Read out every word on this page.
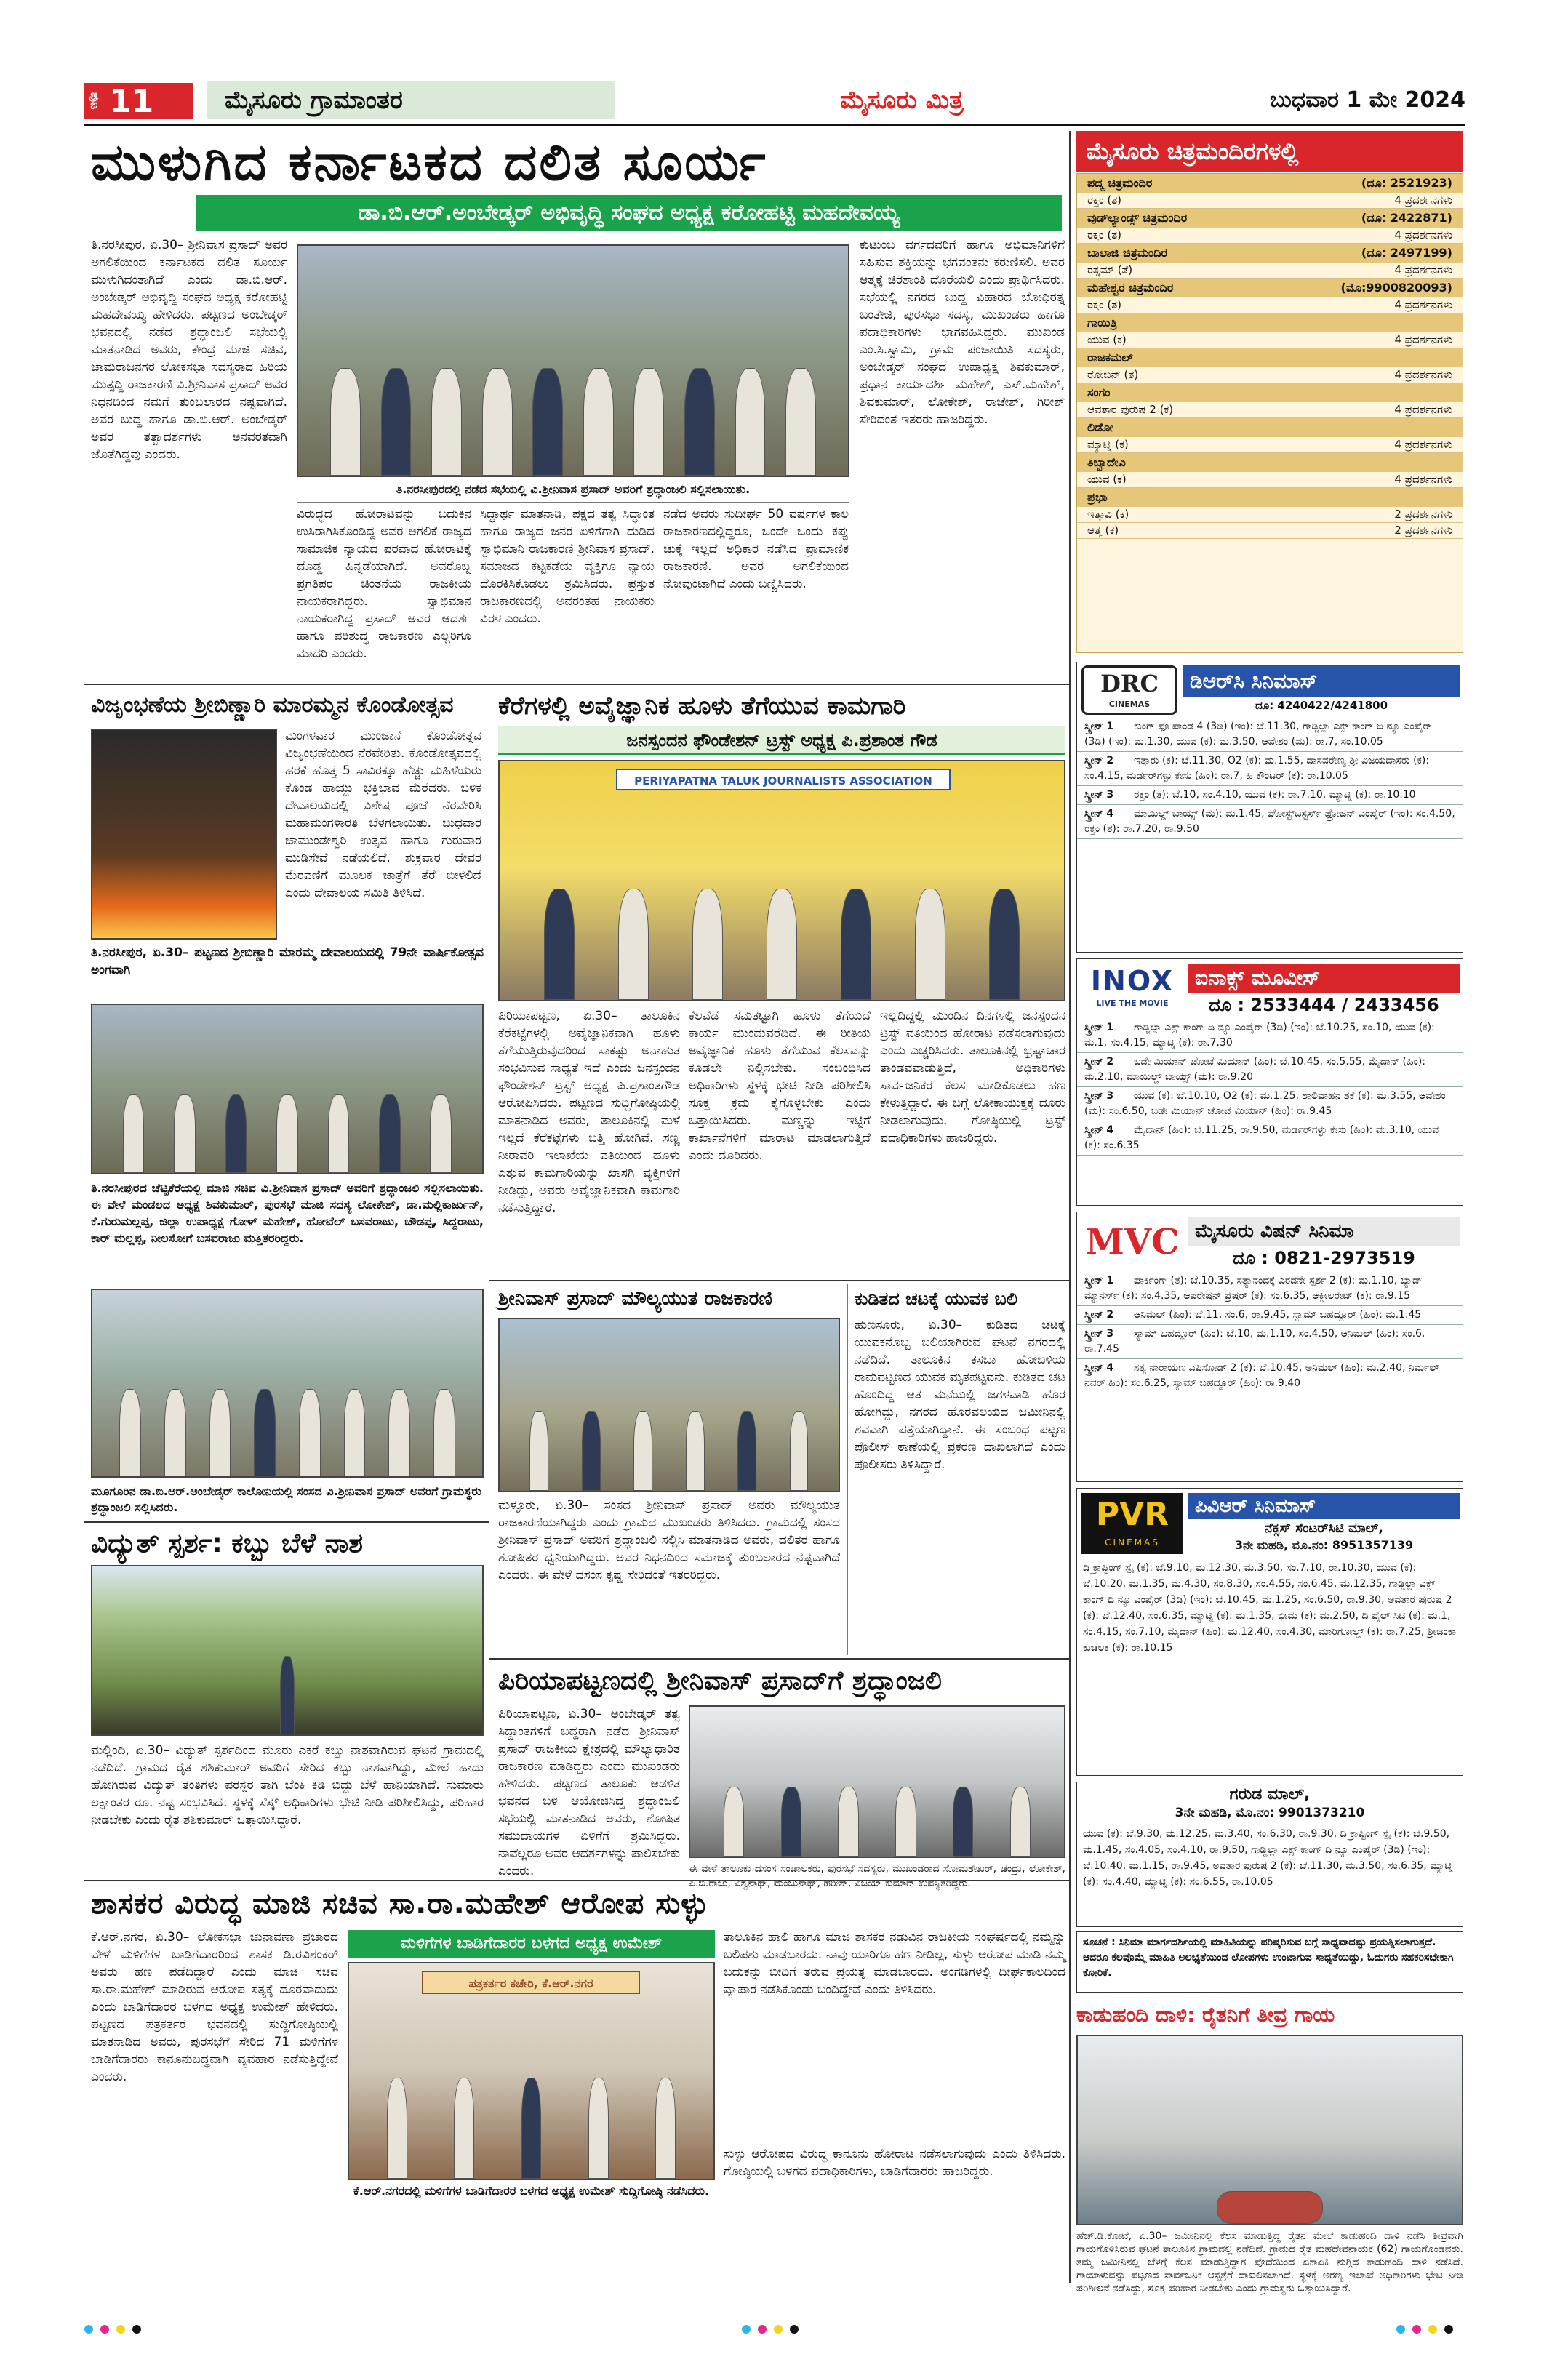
ಪುಟ 11	ಮೈಸೂರು ಗ್ರಾಮಾಂತರ	ಮೈಸೂರು ಮಿತ್ರ	ಬುಧವಾರ 1 ಮೇ 2024
ಮುಳುಗಿದ ಕರ್ನಾಟಕದ ದಲಿತ ಸೂರ್ಯ
ಡಾ.ಬಿ.ಆರ್.ಅಂಬೇಡ್ಕರ್ ಅಭಿವೃದ್ಧಿ ಸಂಘದ ಅಧ್ಯಕ್ಷ ಕರೋಹಟ್ಟಿ ಮಹದೇವಯ್ಯ
ತಿ.ನರಸೀಪುರ, ಏ.30– ಶ್ರೀನಿವಾಸ ಪ್ರಸಾದ್ ಅವರ ಅಗಲಿಕೆಯಿಂದ ಕರ್ನಾಟಕದ ದಲಿತ ಸೂರ್ಯ ಮುಳುಗಿದಂತಾಗಿದೆ ಎಂದು ಡಾ.ಬಿ.ಆರ್. ಅಂಬೇಡ್ಕರ್ ಅಭಿವೃದ್ಧಿ ಸಂಘದ ಅಧ್ಯಕ್ಷ ಕರೋಹಟ್ಟಿ ಮಹದೇವಯ್ಯ ಹೇಳಿದರು. ಪಟ್ಟಣದ ಅಂಬೇಡ್ಕರ್ ಭವನದಲ್ಲಿ ನಡೆದ ಶ್ರದ್ಧಾಂಜಲಿ ಸಭೆಯಲ್ಲಿ ಮಾತನಾಡಿದ ಅವರು, ಕೇಂದ್ರ ಮಾಜಿ ಸಚಿವ, ಚಾಮರಾಜನಗರ ಲೋಕಸಭಾ ಸದಸ್ಯರಾದ ಹಿರಿಯ ಮುತ್ಸದ್ದಿ ರಾಜಕಾರಣಿ ವಿ.ಶ್ರೀನಿವಾಸ ಪ್ರಸಾದ್ ಅವರ ನಿಧನದಿಂದ ನಮಗೆ ತುಂಬಲಾರದ ನಷ್ಟವಾಗಿದೆ. ಅವರ ಬುದ್ಧ ಹಾಗೂ ಡಾ.ಬಿ.ಆರ್. ಅಂಬೇಡ್ಕರ್ ಅವರ ತತ್ವಾದರ್ಶಗಳು ಅನವರತವಾಗಿ ಜೊತೆಗಿದ್ದವು ಎಂದರು.
ತಿ.ನರಸೀಪುರದಲ್ಲಿ ನಡೆದ ಸಭೆಯಲ್ಲಿ ವಿ.ಶ್ರೀನಿವಾಸ ಪ್ರಸಾದ್ ಅವರಿಗೆ ಶ್ರದ್ಧಾಂಜಲಿ ಸಲ್ಲಿಸಲಾಯಿತು.
ವಿರುದ್ಧದ ಹೋರಾಟವನ್ನು ಬದುಕಿನ ಉಸಿರಾಗಿಸಿಕೊಂಡಿದ್ದ ಅವರ ಅಗಲಿಕೆ ರಾಜ್ಯದ ಸಾಮಾಜಿಕ ನ್ಯಾಯದ ಪರವಾದ ಹೋರಾಟಕ್ಕೆ ದೊಡ್ಡ ಹಿನ್ನಡೆಯಾಗಿದೆ. ಅವರೊಬ್ಬ ಪ್ರಗತಿಪರ ಚಿಂತನೆಯ ರಾಜಕೀಯ ನಾಯಕರಾಗಿದ್ದರು. ಸ್ವಾಭಿಮಾನ ನಾಯಕರಾಗಿದ್ದ ಪ್ರಸಾದ್ ಅವರ ಆದರ್ಶ ಹಾಗೂ ಪರಿಶುದ್ಧ ರಾಜಕಾರಣ ಎಲ್ಲರಿಗೂ ಮಾದರಿ ಎಂದರು.
ಸಿದ್ಧಾರ್ಥ ಮಾತನಾಡಿ, ಪಕ್ಷದ ತತ್ವ ಸಿದ್ಧಾಂತ ಹಾಗೂ ರಾಜ್ಯದ ಜನರ ಏಳಿಗೆಗಾಗಿ ದುಡಿದ ಸ್ವಾಭಿಮಾನಿ ರಾಜಕಾರಣಿ ಶ್ರೀನಿವಾಸ ಪ್ರಸಾದ್. ಸಮಾಜದ ಕಟ್ಟಕಡೆಯ ವ್ಯಕ್ತಿಗೂ ನ್ಯಾಯ ದೊರಕಿಸಿಕೊಡಲು ಶ್ರಮಿಸಿದರು. ಪ್ರಸ್ತುತ ರಾಜಕಾರಣದಲ್ಲಿ ಅವರಂತಹ ನಾಯಕರು ವಿರಳ ಎಂದರು.
ನಡೆದ ಅವರು ಸುದೀರ್ಘ 50 ವರ್ಷಗಳ ಕಾಲ ರಾಜಕಾರಣದಲ್ಲಿದ್ದರೂ, ಒಂದೇ ಒಂದು ಕಪ್ಪು ಚುಕ್ಕೆ ಇಲ್ಲದೆ ಅಧಿಕಾರ ನಡೆಸಿದ ಪ್ರಾಮಾಣಿಕ ರಾಜಕಾರಣಿ. ಅವರ ಅಗಲಿಕೆಯಿಂದ ನೋವುಂಟಾಗಿದೆ ಎಂದು ಬಣ್ಣಿಸಿದರು.
ಕುಟುಂಬ ವರ್ಗದವರಿಗೆ ಹಾಗೂ ಅಭಿಮಾನಿಗಳಿಗೆ ಸಹಿಸುವ ಶಕ್ತಿಯನ್ನು ಭಗವಂತನು ಕರುಣಿಸಲಿ. ಅವರ ಆತ್ಮಕ್ಕೆ ಚಿರಶಾಂತಿ ದೊರೆಯಲಿ ಎಂದು ಪ್ರಾರ್ಥಿಸಿದರು. ಸಭೆಯಲ್ಲಿ ನಗರದ ಬುದ್ಧ ವಿಹಾರದ ಬೋಧಿರತ್ನ ಬಂತೇಜಿ, ಪುರಸಭಾ ಸದಸ್ಯ, ಮುಖಂಡರು ಹಾಗೂ ಪದಾಧಿಕಾರಿಗಳು ಭಾಗವಹಿಸಿದ್ದರು. ಮುಖಂಡ ಎಂ.ಸಿ.ಸ್ವಾಮಿ, ಗ್ರಾಮ ಪಂಚಾಯಿತಿ ಸದಸ್ಯರು, ಅಂಬೇಡ್ಕರ್ ಸಂಘದ ಉಪಾಧ್ಯಕ್ಷ ಶಿವಕುಮಾರ್, ಪ್ರಧಾನ ಕಾರ್ಯದರ್ಶಿ ಮಹೇಶ್, ಎಸ್.ಮಹೇಶ್, ಶಿವಕುಮಾರ್, ಲೋಕೇಶ್, ರಾಜೇಶ್, ಗಿರೀಶ್ ಸೇರಿದಂತೆ ಇತರರು ಹಾಜರಿದ್ದರು.
ವಿಜೃಂಭಣೆಯ ಶ್ರೀಬಿಣ್ಣಾರಿ ಮಾರಮ್ಮನ ಕೊಂಡೋತ್ಸವ
ಮಂಗಳವಾರ ಮುಂಜಾನೆ ಕೊಂಡೋತ್ಸವ ವಿಜೃಂಭಣೆಯಿಂದ ನೆರವೇರಿತು. ಕೊಂಡೋತ್ಸವದಲ್ಲಿ ಹರಕೆ ಹೊತ್ತ 5 ಸಾವಿರಕ್ಕೂ ಹೆಚ್ಚು ಮಹಿಳೆಯರು ಕೊಂಡ ಹಾಯ್ದು ಭಕ್ತಿಭಾವ ಮೆರೆದರು. ಬಳಿಕ ದೇವಾಲಯದಲ್ಲಿ ವಿಶೇಷ ಪೂಜೆ ನೆರವೇರಿಸಿ ಮಹಾಮಂಗಳಾರತಿ ಬೆಳಗಲಾಯಿತು. ಬುಧವಾರ ಚಾಮುಂಡೇಶ್ವರಿ ಉತ್ಸವ ಹಾಗೂ ಗುರುವಾರ ಮುಡಿಸೇವೆ ನಡೆಯಲಿದೆ. ಶುಕ್ರವಾರ ದೇವರ ಮೆರವಣಿಗೆ ಮೂಲಕ ಜಾತ್ರೆಗೆ ತೆರೆ ಬೀಳಲಿದೆ ಎಂದು ದೇವಾಲಯ ಸಮಿತಿ ತಿಳಿಸಿದೆ.
ತಿ.ನರಸೀಪುರ, ಏ.30– ಪಟ್ಟಣದ ಶ್ರೀಬಿಣ್ಣಾರಿ ಮಾರಮ್ಮ ದೇವಾಲಯದಲ್ಲಿ 79ನೇ ವಾರ್ಷಿಕೋತ್ಸವ ಅಂಗವಾಗಿ
ತಿ.ನರಸೀಪುರದ ಚೆಟ್ಟಿಕೆರೆಯಲ್ಲಿ ಮಾಜಿ ಸಚಿವ ವಿ.ಶ್ರೀನಿವಾಸ ಪ್ರಸಾದ್ ಅವರಿಗೆ ಶ್ರದ್ಧಾಂಜಲಿ ಸಲ್ಲಿಸಲಾಯಿತು. ಈ ವೇಳೆ ಮಂಡಲದ ಅಧ್ಯಕ್ಷ ಶಿವಕುಮಾರ್, ಪುರಸಭೆ ಮಾಜಿ ಸದಸ್ಯ ಲೋಕೇಶ್, ಡಾ.ಮಲ್ಲಿಕಾರ್ಜುನ್, ಕೆ.ಗುರುಮಲ್ಲಪ್ಪ, ಜಿಲ್ಲಾ ಉಪಾಧ್ಯಕ್ಷ ಗೋಳ್ ಮಹೇಶ್, ಹೋಟೆಲ್ ಬಸವರಾಜು, ಚೌಡಪ್ಪ, ಸಿದ್ದರಾಜು, ಕಾರ್ ಮಲ್ಲಪ್ಪ, ನೀಲಸೋಗೆ ಬಸವರಾಜು ಮತ್ತಿತರರಿದ್ದರು.
ಮೂಗೂರಿನ ಡಾ.ಬಿ.ಆರ್.ಅಂಬೇಡ್ಕರ್ ಕಾಲೋನಿಯಲ್ಲಿ ಸಂಸದ ವಿ.ಶ್ರೀನಿವಾಸ ಪ್ರಸಾದ್ ಅವರಿಗೆ ಗ್ರಾಮಸ್ಥರು ಶ್ರದ್ಧಾಂಜಲಿ ಸಲ್ಲಿಸಿದರು.
ಕೆರೆಗಳಲ್ಲಿ ಅವೈಜ್ಞಾನಿಕ ಹೂಳು ತೆಗೆಯುವ ಕಾಮಗಾರಿ
ಜನಸ್ಪಂದನ ಫೌಂಡೇಶನ್ ಟ್ರಸ್ಟ್ ಅಧ್ಯಕ್ಷ ಪಿ.ಪ್ರಶಾಂತ ಗೌಡ
PERIYAPATNA TALUK JOURNALISTS ASSOCIATION
ಪಿರಿಯಾಪಟ್ಟಣ, ಏ.30– ತಾಲೂಕಿನ ಕೆರೆಕಟ್ಟೆಗಳಲ್ಲಿ ಅವೈಜ್ಞಾನಿಕವಾಗಿ ಹೂಳು ತೆಗೆಯುತ್ತಿರುವುದರಿಂದ ಸಾಕಷ್ಟು ಅನಾಹುತ ಸಂಭವಿಸುವ ಸಾಧ್ಯತೆ ಇದೆ ಎಂದು ಜನಸ್ಪಂದನ ಫೌಂಡೇಶನ್ ಟ್ರಸ್ಟ್ ಅಧ್ಯಕ್ಷ ಪಿ.ಪ್ರಶಾಂತಗೌಡ ಆರೋಪಿಸಿದರು. ಪಟ್ಟಣದ ಸುದ್ದಿಗೋಷ್ಠಿಯಲ್ಲಿ ಮಾತನಾಡಿದ ಅವರು, ತಾಲೂಕಿನಲ್ಲಿ ಮಳೆ ಇಲ್ಲದೆ ಕೆರೆಕಟ್ಟೆಗಳು ಬತ್ತಿ ಹೋಗಿವೆ. ಸಣ್ಣ ನೀರಾವರಿ ಇಲಾಖೆಯ ವತಿಯಿಂದ ಹೂಳು ಎತ್ತುವ ಕಾಮಗಾರಿಯನ್ನು ಖಾಸಗಿ ವ್ಯಕ್ತಿಗಳಿಗೆ ನೀಡಿದ್ದು, ಅವರು ಅವೈಜ್ಞಾನಿಕವಾಗಿ ಕಾಮಗಾರಿ ನಡೆಸುತ್ತಿದ್ದಾರೆ.
ಕೆಲವೆಡೆ ಸಮತಟ್ಟಾಗಿ ಹೂಳು ತೆಗೆಯದೆ ಕಾರ್ಯ ಮುಂದುವರೆದಿದೆ. ಈ ರೀತಿಯ ಅವೈಜ್ಞಾನಿಕ ಹೂಳು ತೆಗೆಯುವ ಕೆಲಸವನ್ನು ಕೂಡಲೇ ನಿಲ್ಲಿಸಬೇಕು. ಸಂಬಂಧಿಸಿದ ಅಧಿಕಾರಿಗಳು ಸ್ಥಳಕ್ಕೆ ಭೇಟಿ ನೀಡಿ ಪರಿಶೀಲಿಸಿ ಸೂಕ್ತ ಕ್ರಮ ಕೈಗೊಳ್ಳಬೇಕು ಎಂದು ಒತ್ತಾಯಿಸಿದರು. ಮಣ್ಣನ್ನು ಇಟ್ಟಿಗೆ ಕಾರ್ಖಾನೆಗಳಿಗೆ ಮಾರಾಟ ಮಾಡಲಾಗುತ್ತಿದೆ ಎಂದು ದೂರಿದರು.
ಇಲ್ಲದಿದ್ದಲ್ಲಿ ಮುಂದಿನ ದಿನಗಳಲ್ಲಿ ಜನಸ್ಪಂದನ ಟ್ರಸ್ಟ್ ವತಿಯಿಂದ ಹೋರಾಟ ನಡೆಸಲಾಗುವುದು ಎಂದು ಎಚ್ಚರಿಸಿದರು. ತಾಲೂಕಿನಲ್ಲಿ ಭ್ರಷ್ಟಾಚಾರ ತಾಂಡವವಾಡುತ್ತಿದೆ, ಅಧಿಕಾರಿಗಳು ಸಾರ್ವಜನಿಕರ ಕೆಲಸ ಮಾಡಿಕೊಡಲು ಹಣ ಕೇಳುತ್ತಿದ್ದಾರೆ. ಈ ಬಗ್ಗೆ ಲೋಕಾಯುಕ್ತಕ್ಕೆ ದೂರು ನೀಡಲಾಗುವುದು. ಗೋಷ್ಠಿಯಲ್ಲಿ ಟ್ರಸ್ಟ್ ಪದಾಧಿಕಾರಿಗಳು ಹಾಜರಿದ್ದರು.
ಶ್ರೀನಿವಾಸ್ ಪ್ರಸಾದ್ ಮೌಲ್ಯಯುತ ರಾಜಕಾರಣಿ
ಮಳ್ಳೂರು, ಏ.30– ಸಂಸದ ಶ್ರೀನಿವಾಸ್ ಪ್ರಸಾದ್ ಅವರು ಮೌಲ್ಯಯುತ ರಾಜಕಾರಣಿಯಾಗಿದ್ದರು ಎಂದು ಗ್ರಾಮದ ಮುಖಂಡರು ತಿಳಿಸಿದರು. ಗ್ರಾಮದಲ್ಲಿ ಸಂಸದ ಶ್ರೀನಿವಾಸ್ ಪ್ರಸಾದ್ ಅವರಿಗೆ ಶ್ರದ್ಧಾಂಜಲಿ ಸಲ್ಲಿಸಿ ಮಾತನಾಡಿದ ಅವರು, ದಲಿತರ ಹಾಗೂ ಶೋಷಿತರ ಧ್ವನಿಯಾಗಿದ್ದರು. ಅವರ ನಿಧನದಿಂದ ಸಮಾಜಕ್ಕೆ ತುಂಬಲಾರದ ನಷ್ಟವಾಗಿದೆ ಎಂದರು. ಈ ವೇಳೆ ದಸಂಸ ಕೃಷ್ಣ ಸೇರಿದಂತೆ ಇತರರಿದ್ದರು.
ಕುಡಿತದ ಚಟಕ್ಕೆ ಯುವಕ ಬಲಿ
ಹುಣಸೂರು, ಏ.30– ಕುಡಿತದ ಚಟಕ್ಕೆ ಯುವಕನೊಬ್ಬ ಬಲಿಯಾಗಿರುವ ಘಟನೆ ನಗರದಲ್ಲಿ ನಡೆದಿದೆ. ತಾಲೂಕಿನ ಕಸಬಾ ಹೋಬಳಿಯ ರಾಮಪಟ್ಟಣದ ಯುವಕ ಮೃತಪಟ್ಟವನು. ಕುಡಿತದ ಚಟ ಹೊಂದಿದ್ದ ಆತ ಮನೆಯಲ್ಲಿ ಜಗಳವಾಡಿ ಹೊರ ಹೋಗಿದ್ದು, ನಗರದ ಹೊರವಲಯದ ಜಮೀನಿನಲ್ಲಿ ಶವವಾಗಿ ಪತ್ತೆಯಾಗಿದ್ದಾನೆ. ಈ ಸಂಬಂಧ ಪಟ್ಟಣ ಪೊಲೀಸ್ ಠಾಣೆಯಲ್ಲಿ ಪ್ರಕರಣ ದಾಖಲಾಗಿದೆ ಎಂದು ಪೊಲೀಸರು ತಿಳಿಸಿದ್ದಾರೆ.
ವಿದ್ಯುತ್ ಸ್ಪರ್ಶ: ಕಬ್ಬು ಬೆಳೆ ನಾಶ
ಮಲ್ಲಿಂದಿ, ಏ.30– ವಿದ್ಯುತ್ ಸ್ಪರ್ಶದಿಂದ ಮೂರು ಎಕರೆ ಕಬ್ಬು ನಾಶವಾಗಿರುವ ಘಟನೆ ಗ್ರಾಮದಲ್ಲಿ ನಡೆದಿದೆ. ಗ್ರಾಮದ ರೈತ ಶಶಿಕುಮಾರ್ ಅವರಿಗೆ ಸೇರಿದ ಕಬ್ಬು ನಾಶವಾಗಿದ್ದು, ಮೇಲೆ ಹಾದು ಹೋಗಿರುವ ವಿದ್ಯುತ್ ತಂತಿಗಳು ಪರಸ್ಪರ ತಾಗಿ ಬೆಂಕಿ ಕಿಡಿ ಬಿದ್ದು ಬೆಳೆ ಹಾನಿಯಾಗಿದೆ. ಸುಮಾರು ಲಕ್ಷಾಂತರ ರೂ. ನಷ್ಟ ಸಂಭವಿಸಿದೆ. ಸ್ಥಳಕ್ಕೆ ಸೆಸ್ಕ್ ಅಧಿಕಾರಿಗಳು ಭೇಟಿ ನೀಡಿ ಪರಿಶೀಲಿಸಿದ್ದು, ಪರಿಹಾರ ನೀಡಬೇಕು ಎಂದು ರೈತ ಶಶಿಕುಮಾರ್ ಒತ್ತಾಯಿಸಿದ್ದಾರೆ.
ಪಿರಿಯಾಪಟ್ಟಣದಲ್ಲಿ ಶ್ರೀನಿವಾಸ್ ಪ್ರಸಾದ್‌ಗೆ ಶ್ರದ್ಧಾಂಜಲಿ
ಪಿರಿಯಾಪಟ್ಟಣ, ಏ.30– ಅಂಬೇಡ್ಕರ್ ತತ್ವ ಸಿದ್ಧಾಂತಗಳಿಗೆ ಬದ್ಧರಾಗಿ ನಡೆದ ಶ್ರೀನಿವಾಸ್ ಪ್ರಸಾದ್ ರಾಜಕೀಯ ಕ್ಷೇತ್ರದಲ್ಲಿ ಮೌಲ್ಯಾಧಾರಿತ ರಾಜಕಾರಣ ಮಾಡಿದ್ದರು ಎಂದು ಮುಖಂಡರು ಹೇಳಿದರು. ಪಟ್ಟಣದ ತಾಲೂಕು ಆಡಳಿತ ಭವನದ ಬಳಿ ಆಯೋಜಿಸಿದ್ದ ಶ್ರದ್ಧಾಂಜಲಿ ಸಭೆಯಲ್ಲಿ ಮಾತನಾಡಿದ ಅವರು, ಶೋಷಿತ ಸಮುದಾಯಗಳ ಏಳಿಗೆಗೆ ಶ್ರಮಿಸಿದ್ದರು. ನಾವೆಲ್ಲರೂ ಅವರ ಆದರ್ಶಗಳನ್ನು ಪಾಲಿಸಬೇಕು ಎಂದರು.	ಈ ವೇಳೆ ತಾಲೂಕು ದಸಂಸ ಸಂಚಾಲಕರು, ಪುರಸಭೆ ಸದಸ್ಯರು, ಮುಖಂಡರಾದ ಸೋಮಶೇಖರ್, ಚಂದ್ರು, ಲೋಕೇಶ್, ಪಿ.ಬಿ.ರಾಜು, ವಿಶ್ವನಾಥ್, ಮಂಜುನಾಥ್, ಹರೀಶ್, ವಿಜಯ್ ಕುಮಾರ್ ಉಪಸ್ಥಿತರಿದ್ದರು.
ಶಾಸಕರ ವಿರುದ್ಧ ಮಾಜಿ ಸಚಿವ ಸಾ.ರಾ.ಮಹೇಶ್ ಆರೋಪ ಸುಳ್ಳು
ಕೆ.ಆರ್.ನಗರ, ಏ.30– ಲೋಕಸಭಾ ಚುನಾವಣಾ ಪ್ರಚಾರದ ವೇಳೆ ಮಳಿಗೆಗಳ ಬಾಡಿಗೆದಾರರಿಂದ ಶಾಸಕ ಡಿ.ರವಿಶಂಕರ್ ಅವರು ಹಣ ಪಡೆದಿದ್ದಾರೆ ಎಂದು ಮಾಜಿ ಸಚಿವ ಸಾ.ರಾ.ಮಹೇಶ್ ಮಾಡಿರುವ ಆರೋಪ ಸತ್ಯಕ್ಕೆ ದೂರವಾದುದು ಎಂದು ಬಾಡಿಗೆದಾರರ ಬಳಗದ ಅಧ್ಯಕ್ಷ ಉಮೇಶ್ ಹೇಳಿದರು. ಪಟ್ಟಣದ ಪತ್ರಕರ್ತರ ಭವನದಲ್ಲಿ ಸುದ್ದಿಗೋಷ್ಠಿಯಲ್ಲಿ ಮಾತನಾಡಿದ ಅವರು, ಪುರಸಭೆಗೆ ಸೇರಿದ 71 ಮಳಿಗೆಗಳ ಬಾಡಿಗೆದಾರರು ಕಾನೂನುಬದ್ಧವಾಗಿ ವ್ಯವಹಾರ ನಡೆಸುತ್ತಿದ್ದೇವೆ ಎಂದರು.
ಮಳಿಗೆಗಳ ಬಾಡಿಗೆದಾರರ ಬಳಗದ ಅಧ್ಯಕ್ಷ ಉಮೇಶ್
ಪತ್ರಕರ್ತರ ಕಚೇರಿ, ಕೆ.ಆರ್.ನಗರ
ಕೆ.ಆರ್.ನಗರದಲ್ಲಿ ಮಳಿಗೆಗಳ ಬಾಡಿಗೆದಾರರ ಬಳಗದ ಅಧ್ಯಕ್ಷ ಉಮೇಶ್ ಸುದ್ದಿಗೋಷ್ಠಿ ನಡೆಸಿದರು.
ತಾಲೂಕಿನ ಹಾಲಿ ಹಾಗೂ ಮಾಜಿ ಶಾಸಕರ ನಡುವಿನ ರಾಜಕೀಯ ಸಂಘರ್ಷದಲ್ಲಿ ನಮ್ಮನ್ನು ಬಲಿಪಶು ಮಾಡಬಾರದು. ನಾವು ಯಾರಿಗೂ ಹಣ ನೀಡಿಲ್ಲ, ಸುಳ್ಳು ಆರೋಪ ಮಾಡಿ ನಮ್ಮ ಬದುಕನ್ನು ಬೀದಿಗೆ ತರುವ ಪ್ರಯತ್ನ ಮಾಡಬಾರದು. ಅಂಗಡಿಗಳಲ್ಲಿ ದೀರ್ಘಕಾಲದಿಂದ ವ್ಯಾಪಾರ ನಡೆಸಿಕೊಂಡು ಬಂದಿದ್ದೇವೆ ಎಂದು ತಿಳಿಸಿದರು.
ಸುಳ್ಳು ಆರೋಪದ ವಿರುದ್ಧ ಕಾನೂನು ಹೋರಾಟ ನಡೆಸಲಾಗುವುದು ಎಂದು ತಿಳಿಸಿದರು. ಗೋಷ್ಠಿಯಲ್ಲಿ ಬಳಗದ ಪದಾಧಿಕಾರಿಗಳು, ಬಾಡಿಗೆದಾರರು ಹಾಜರಿದ್ದರು.
ಮೈಸೂರು ಚಿತ್ರಮಂದಿರಗಳಲ್ಲಿ
ಪದ್ಮ ಚಿತ್ರಮಂದಿರ	(ದೂ: 2521923)
ರಕ್ತಂ (ತ)	4 ಪ್ರದರ್ಶನಗಳು
ವುಡ್‌ಲ್ಯಾಂಡ್ಸ್ ಚಿತ್ರಮಂದಿರ	(ದೂ: 2422871)
ರಕ್ತಂ (ತ)	4 ಪ್ರದರ್ಶನಗಳು
ಬಾಲಾಜಿ ಚಿತ್ರಮಂದಿರ	(ದೂ: 2497199)
ರತ್ನಮ್ (ತೆ)	4 ಪ್ರದರ್ಶನಗಳು
ಮಹೇಶ್ವರ ಚಿತ್ರಮಂದಿರ	(ಮೊ:9900820093)
ರಕ್ತಂ (ತ)	4 ಪ್ರದರ್ಶನಗಳು
ಗಾಯಿತ್ರಿ
ಯುವ (ಕ)	4 ಪ್ರದರ್ಶನಗಳು
ರಾಜಕಮಲ್
ರೋಬನ್ (ತ)	4 ಪ್ರದರ್ಶನಗಳು
ಸಂಗಂ
ಆವತಾರ ಪುರುಷ 2 (ಕ)	4 ಪ್ರದರ್ಶನಗಳು
ಲಿಡೋ
ಮ್ಯಾಟ್ನಿ (ಕ)	4 ಪ್ರದರ್ಶನಗಳು
ತಿಬ್ಬಾದೇವಿ
ಯುವ (ಕ)	4 ಪ್ರದರ್ಶನಗಳು
ಪ್ರಭಾ
ಇತ್ತಾವಿ (ಕ)	2 ಪ್ರದರ್ಶನಗಳು
ಆತ್ಮ (ಕ)	2 ಪ್ರದರ್ಶನಗಳು
DRC
CINEMAS
ಡಿಆರ್‌ಸಿ ಸಿನಿಮಾಸ್
ದೂ: 4240422/4241800
ಸ್ಕ್ರೀನ್ 1 ಕುಂಗ್ ಫೂ ಪಾಂಡ 4 (3ಡಿ) (ಇಂ): ಬೆ.11.30, ಗಾಡ್ಜಿಲ್ಲಾ ಎಕ್ಸ್ ಕಾಂಗ್ ದಿ ನ್ಯೂ ಎಂಪೈರ್ (3ಡಿ) (ಇಂ): ಮ.1.30, ಯುವ (ಕ): ಮ.3.50, ಆವೇಶಂ (ಮ): ರಾ.7, ಸಂ.10.05
ಸ್ಕ್ರೀನ್ 2 ಇತ್ತಾರು (ಕ): ಬೆ.11.30, O2 (ಕ): ಮ.1.55, ದಾಸವರೇಣ್ಯ ಶ್ರೀ ವಿಜಯದಾಸರು (ಕ): ಸಂ.4.15, ಮರ್ಡರ್‌ಗಳ್ಳು ಕೇಸು (ಹಿಂ): ರಾ.7, ಹಿ ಕೌಂಟರ್ (ಕ): ರಾ.10.05
ಸ್ಕ್ರೀನ್ 3 ರಕ್ತಂ (ತ): ಬೆ.10, ಸಂ.4.10, ಯುವ (ಕ): ರಾ.7.10, ಮ್ಯಾಟ್ನಿ (ಕ): ರಾ.10.10
ಸ್ಕ್ರೀನ್ 4 ಮಾಯಿಲ್ಡ್ ಬಾಯ್ಸ್ (ಮ): ಮ.1.45, ಘೋಸ್ಟ್‌ಬಸ್ಟರ್ಸ್ ಫ್ರೋಜನ್ ಎಂಪೈರ್ (ಇಂ): ಸಂ.4.50, ರಕ್ತಂ (ತ): ರಾ.7.20, ರಾ.9.50
INOX
LIVE THE MOVIE
ಐನಾಕ್ಸ್ ಮೂವೀಸ್
ದೂ : 2533444 / 2433456
ಸ್ಕ್ರೀನ್ 1 ಗಾಡ್ಜಿಲ್ಲಾ ಎಕ್ಸ್ ಕಾಂಗ್ ದಿ ನ್ಯೂ ಎಂಪೈರ್ (3ಡಿ) (ಇಂ): ಬೆ.10.25, ಸಂ.10, ಯುವ (ಕ): ಮ.1, ಸಂ.4.15, ಮ್ಯಾಟ್ನಿ (ಕ): ರಾ.7.30
ಸ್ಕ್ರೀನ್ 2 ಬಡೇ ಮಿಯಾನ್ ಚೋಟೆ ಮಿಯಾನ್ (ಹಿಂ): ಬೆ.10.45, ಸಂ.5.55, ಮೈದಾನ್ (ಹಿಂ): ಮ.2.10, ಮಾಯಿಲ್ಡ್ ಬಾಯ್ಸ್ (ಮ): ರಾ.9.20
ಸ್ಕ್ರೀನ್ 3 ಯುವ (ಕ): ಬೆ.10.10, O2 (ಕ): ಮ.1.25, ಶಾಲಿವಾಹನ ಶಕೆ (ಕ): ಮ.3.55, ಆವೇಶಂ (ಮ): ಸಂ.6.50, ಬಡೇ ಮಿಯಾನ್ ಚೋಟೆ ಮಿಯಾನ್ (ಹಿಂ): ರಾ.9.45
ಸ್ಕ್ರೀನ್ 4 ಮೈದಾನ್ (ಹಿಂ): ಬೆ.11.25, ರಾ.9.50, ಮರ್ಡರ್‌ಗಳ್ಳು ಕೇಸು (ಹಿಂ): ಮ.3.10, ಯುವ (ಕ): ಸಂ.6.35
MVC ಮೈಸೂರು ವಿಷನ್ ಸಿನಿಮಾ
ದೂ : 0821-2973519
ಸ್ಕ್ರೀನ್ 1 ಪಾರ್ಕಿಂಗ್ (ತ): ಬೆ.10.35, ಸತ್ಯಾನಂದಕ್ಕೆ ಎರಡನೇ ಸ್ಪರ್ಶ 2 (ಕ): ಮ.1.10, ಬ್ಯಾಡ್ ಮ್ಯಾನರ್ಸ್ (ಕ): ಸಂ.4.35, ಆಪರೇಷನ್ ಪ್ರೆಷರ್ (ಕ): ಸಂ.6.35, ಆಕ್ಸೀಲರೇಟ್ (ಕ): ರಾ.9.15
ಸ್ಕ್ರೀನ್ 2 ಆನಿಮಲ್ (ಹಿಂ): ಬೆ.11, ಸಂ.6, ರಾ.9.45, ಸ್ವಾಮ್ ಬಹದ್ದೂರ್ (ಹಿಂ): ಮ.1.45
ಸ್ಕ್ರೀನ್ 3 ಸ್ಯಾಮ್ ಬಹದ್ದೂರ್ (ಹಿಂ): ಬೆ.10, ಮ.1.10, ಸಂ.4.50, ಆನಿಮಲ್ (ಹಿಂ): ಸಂ.6, ರಾ.7.45
ಸ್ಕ್ರೀನ್ 4 ಸತ್ಯ ನಾರಾಯಣ ಎಪಿಸೋಡ್ 2 (ಕ): ಬೆ.10.45, ಅನಿಮಲ್ (ಹಿಂ): ಮ.2.40, ನಿರ್ಮಲ್ ನವರ್ ಹಿಂ): ಸಂ.6.25, ಸ್ಯಾಮ್ ಬಹದ್ದೂರ್ (ಹಿಂ): ರಾ.9.40
PVR
CINEMAS
ಪಿವಿಆರ್ ಸಿನಿಮಾಸ್
ನೆಕ್ಸಸ್ ಸೆಂಟರ್‌ಸಿಟಿ ಮಾಲ್,
3ನೇ ಮಹಡಿ, ಮೊ.ನಂ: 8951357139
ದಿ ಕ್ರಾಪ್ಟಿಂಗ್ ಸ್ಪೈ (ಕ): ಬೆ.9.10, ಮ.12.30, ಮ.3.50, ಸಂ.7.10, ರಾ.10.30, ಯುವ (ಕ): ಬೆ.10.20, ಮ.1.35, ಮ.4.30, ಸಂ.8.30, ಸಂ.4.55, ಸಂ.6.45, ಮ.12.35, ಗಾಡ್ಜಿಲ್ಲಾ ಎಕ್ಸ್ ಕಾಂಗ್ ದಿ ನ್ಯೂ ಎಂಪೈರ್ (3ಡಿ) (ಇಂ): ಬೆ.10.45, ಮ.1.25, ಸಂ.6.50, ರಾ.9.30, ಅವತಾರ ಪುರುಷ 2 (ಕ): ಬೆ.12.40, ಸಂ.6.35, ಮ್ಯಾಟ್ನಿ (ಕ): ಮ.1.35, ಭೀಮ (ಕ): ಮ.2.50, ದಿ ಫೈಲ್ ಸಿಟಿ (ಕ): ಮ.1, ಸಂ.4.15, ಸಂ.7.10, ಮೈದಾನ್ (ಹಿಂ): ಮ.12.40, ಸಂ.4.30, ಮಾರಿಗೋಲ್ಡ್ (ಕ): ರಾ.7.25, ಶ್ರೀಜಂಕಾ ಕುಚಲಕ (ಕ): ರಾ.10.15
ಗರುಡ ಮಾಲ್,
3ನೇ ಮಹಡಿ, ಮೊ.ನಂ: 9901373210
ಯುವ (ಕ): ಬೆ.9.30, ಮ.12.25, ಮ.3.40, ಸಂ.6.30, ರಾ.9.30, ದಿ ಕ್ರಾಪ್ಟಿಂಗ್ ಸ್ಪೈ (ಕ): ಬೆ.9.50, ಮ.1.45, ಸಂ.4.05, ಸಂ.4.10, ರಾ.9.50, ಗಾಡ್ಜಿಲ್ಲಾ ಎಕ್ಸ್ ಕಾಂಗ್ ದಿ ನ್ಯೂ ಎಂಪೈರ್ (3ಡಿ) (ಇಂ): ಬೆ.10.40, ಮ.1.15, ರಾ.9.45, ಅವತಾರ ಪುರುಷ 2 (ಕ): ಬೆ.11.30, ಮ.3.50, ಸಂ.6.35, ಮ್ಯಾಟ್ನಿ (ಕ): ಸಂ.4.40, ಮ್ಯಾಟ್ನಿ (ಕ): ಸಂ.6.55, ರಾ.10.05
ಸೂಚನೆ : ಸಿನಿಮಾ ಮಾರ್ಗದರ್ಶಿಯಲ್ಲಿ ಮಾಹಿತಿಯನ್ನು ಪರಿಷ್ಕರಿಸುವ ಬಗ್ಗೆ ಸಾಧ್ಯವಾದಷ್ಟು ಪ್ರಯತ್ನಿಸಲಾಗುತ್ತದೆ. ಆದರೂ ಕೆಲವೊಮ್ಮೆ ಮಾಹಿತಿ ಅಲಭ್ಯತೆಯಿಂದ ಲೋಪಗಳು ಉಂಟಾಗುವ ಸಾಧ್ಯತೆಯಿದ್ದು, ಓದುಗರು ಸಹಕರಿಸಬೇಕಾಗಿ ಕೋರಿಕೆ.
ಕಾಡುಹಂದಿ ದಾಳಿ: ರೈತನಿಗೆ ತೀವ್ರ ಗಾಯ
ಹೆಚ್.ಡಿ.ಕೋಟೆ, ಏ.30– ಜಮೀನಿನಲ್ಲಿ ಕೆಲಸ ಮಾಡುತ್ತಿದ್ದ ರೈತನ ಮೇಲೆ ಕಾಡುಹಂದಿ ದಾಳಿ ನಡೆಸಿ ತೀವ್ರವಾಗಿ ಗಾಯಗೊಳಿಸಿರುವ ಘಟನೆ ತಾಲೂಕಿನ ಗ್ರಾಮದಲ್ಲಿ ನಡೆದಿದೆ. ಗ್ರಾಮದ ರೈತ ಮಹದೇವನಾಯಕ (62) ಗಾಯಗೊಂಡವರು. ತಮ್ಮ ಜಮೀನಿನಲ್ಲಿ ಬೆಳಗ್ಗೆ ಕೆಲಸ ಮಾಡುತ್ತಿದ್ದಾಗ ಪೊದೆಯಿಂದ ಏಕಾಏಕಿ ನುಗ್ಗಿದ ಕಾಡುಹಂದಿ ದಾಳಿ ನಡೆಸಿದೆ. ಗಾಯಾಳುವನ್ನು ಪಟ್ಟಣದ ಸಾರ್ವಜನಿಕ ಆಸ್ಪತ್ರೆಗೆ ದಾಖಲಿಸಲಾಗಿದೆ. ಸ್ಥಳಕ್ಕೆ ಅರಣ್ಯ ಇಲಾಖೆ ಅಧಿಕಾರಿಗಳು ಭೇಟಿ ನೀಡಿ ಪರಿಶೀಲನೆ ನಡೆಸಿದ್ದು, ಸೂಕ್ತ ಪರಿಹಾರ ನೀಡಬೇಕು ಎಂದು ಗ್ರಾಮಸ್ಥರು ಒತ್ತಾಯಿಸಿದ್ದಾರೆ.
